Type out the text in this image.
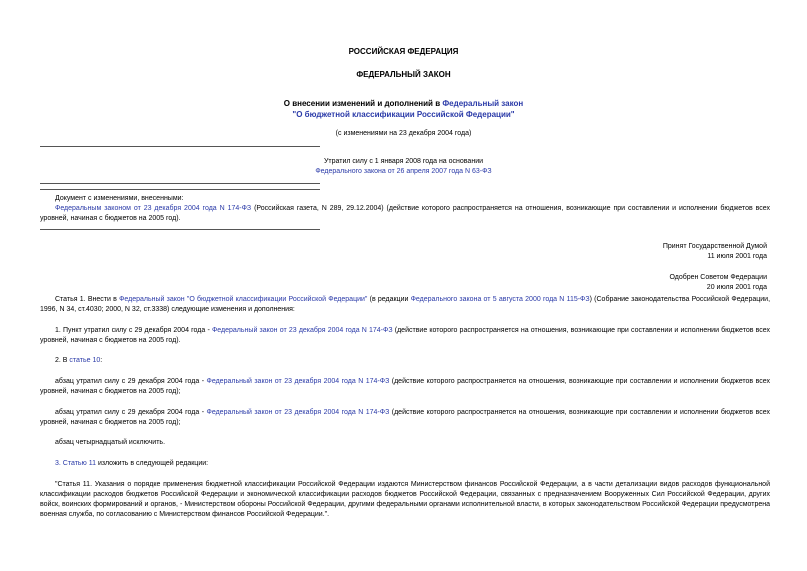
РОССИЙСКАЯ ФЕДЕРАЦИЯ
ФЕДЕРАЛЬНЫЙ ЗАКОН
О внесении изменений и дополнений в Федеральный закон
"О бюджетной классификации Российской Федерации"
(с изменениями на 23 декабря 2004 года)
Утратил силу с 1 января 2008 года на основании
Федерального закона от 26 апреля 2007 года N 63-ФЗ
Документ с изменениями, внесенными:
Федеральным законом от 23 декабря 2004 года N 174-ФЗ (Российская газета, N 289, 29.12.2004) (действие которого распространяется на отношения, возникающие при составлении и исполнении бюджетов всех уровней, начиная с бюджетов на 2005 год).
Принят Государственной Думой
11 июля 2001 года
Одобрен Советом Федерации
20 июля 2001 года
Статья 1. Внести в Федеральный закон "О бюджетной классификации Российской Федерации" (в редакции Федерального закона от 5 августа 2000 года N 115-ФЗ) (Собрание законодательства Российской Федерации, 1996, N 34, ст.4030; 2000, N 32, ст.3338) следующие изменения и дополнения:
1. Пункт утратил силу с 29 декабря 2004 года - Федеральный закон от 23 декабря 2004 года N 174-ФЗ (действие которого распространяется на отношения, возникающие при составлении и исполнении бюджетов всех уровней, начиная с бюджетов на 2005 год).
2. В статье 10:
абзац утратил силу с 29 декабря 2004 года - Федеральный закон от 23 декабря 2004 года N 174-ФЗ (действие которого распространяется на отношения, возникающие при составлении и исполнении бюджетов всех уровней, начиная с бюджетов на 2005 год);
абзац утратил силу с 29 декабря 2004 года - Федеральный закон от 23 декабря 2004 года N 174-ФЗ (действие которого распространяется на отношения, возникающие при составлении и исполнении бюджетов всех уровней, начиная с бюджетов на 2005 год);
абзац четырнадцатый исключить.
3. Статью 11 изложить в следующей редакции:
"Статья 11. Указания о порядке применения бюджетной классификации Российской Федерации издаются Министерством финансов Российской Федерации, а в части детализации видов расходов функциональной классификации расходов бюджетов Российской Федерации и экономической классификации расходов бюджетов Российской Федерации, связанных с предназначением Вооруженных Сил Российской Федерации, других войск, воинских формирований и органов, - Министерством обороны Российской Федерации, другими федеральными органами исполнительной власти, в которых законодательством Российской Федерации предусмотрена военная служба, по согласованию с Министерством финансов Российской Федерации.".
